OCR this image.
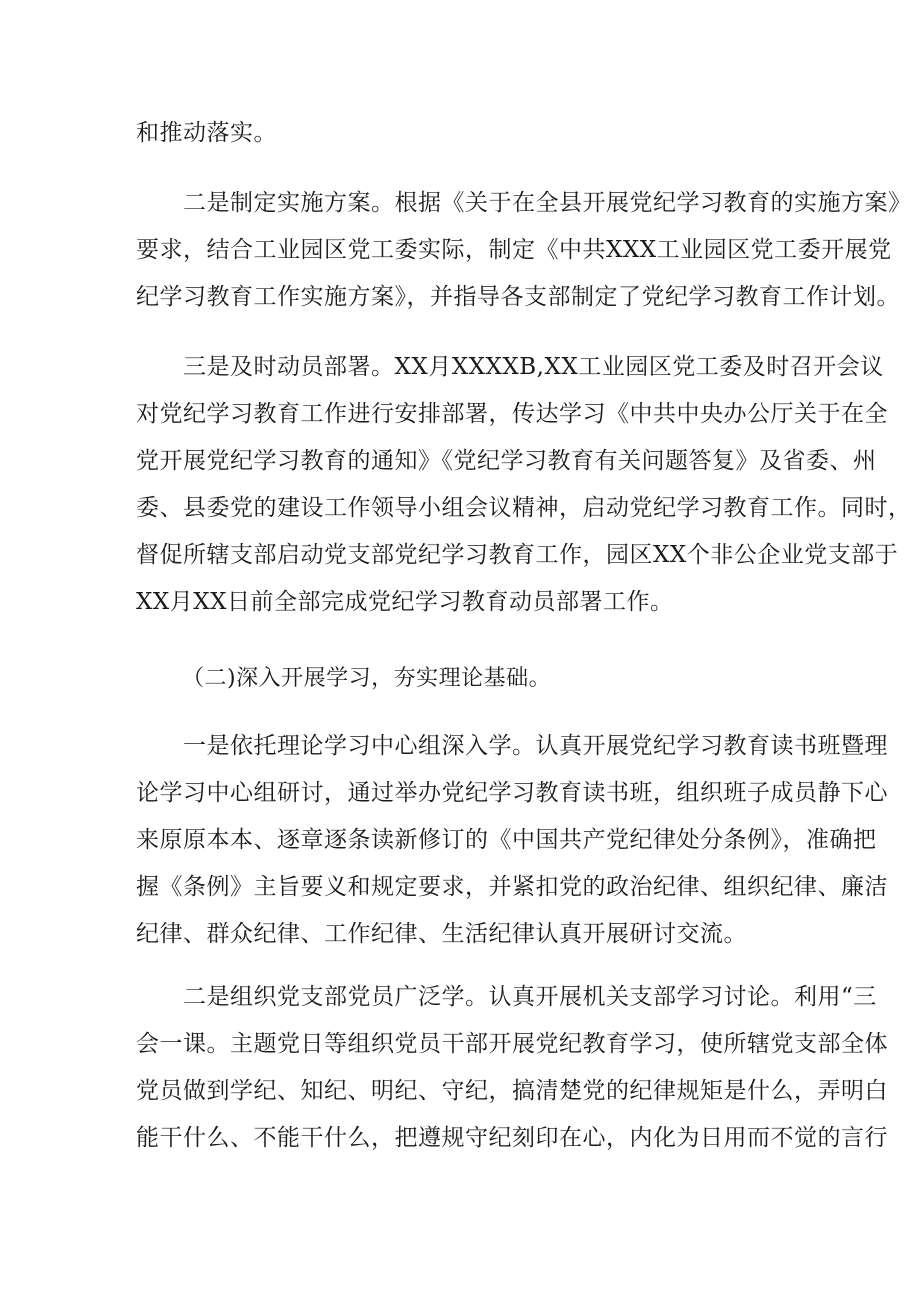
和推动落实。
　　二是制定实施方案。根据《关于在全县开展党纪学习教育的实施方案》
要求，结合工业园区党工委实际，制定《中共XXX工业园区党工委开展党
纪学习教育工作实施方案》，并指导各支部制定了党纪学习教育工作计划。
　　三是及时动员部署。XX月XXXXB,XX工业园区党工委及时召开会议
对党纪学习教育工作进行安排部署，传达学习《中共中央办公厅关于在全
党开展党纪学习教育的通知》《党纪学习教育有关问题答复》及省委、州
委、县委党的建设工作领导小组会议精神，启动党纪学习教育工作。同时，
督促所辖支部启动党支部党纪学习教育工作，园区XX个非公企业党支部于
XX月XX日前全部完成党纪学习教育动员部署工作。
（二)深入开展学习，夯实理论基础。
　　一是依托理论学习中心组深入学。认真开展党纪学习教育读书班暨理
论学习中心组研讨，通过举办党纪学习教育读书班，组织班子成员静下心
来原原本本、逐章逐条读新修订的《中国共产党纪律处分条例》，准确把
握《条例》主旨要义和规定要求，并紧扣党的政治纪律、组织纪律、廉洁
纪律、群众纪律、工作纪律、生活纪律认真开展研讨交流。
　　二是组织党支部党员广泛学。认真开展机关支部学习讨论。利用“三
会一课。主题党日等组织党员干部开展党纪教育学习，使所辖党支部全体
党员做到学纪、知纪、明纪、守纪，搞清楚党的纪律规矩是什么，弄明白
能干什么、不能干什么，把遵规守纪刻印在心，内化为日用而不觉的言行
